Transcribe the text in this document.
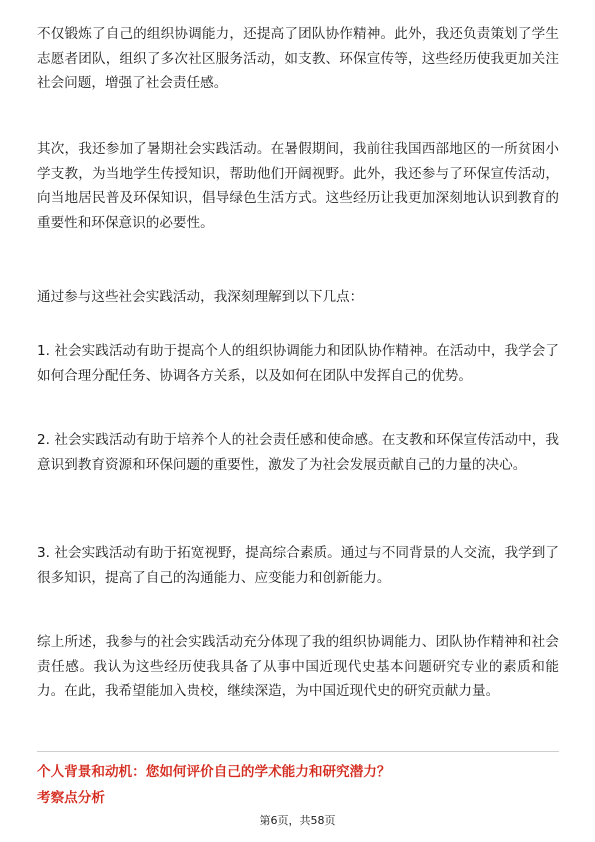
不仅锻炼了自己的组织协调能力，还提高了团队协作精神。此外，我还负责策划了学生志愿者团队，组织了多次社区服务活动，如支教、环保宣传等，这些经历使我更加关注社会问题，增强了社会责任感。

其次，我还参加了暑期社会实践活动。在暑假期间，我前往我国西部地区的一所贫困小学支教，为当地学生传授知识，帮助他们开阔视野。此外，我还参与了环保宣传活动，向当地居民普及环保知识，倡导绿色生活方式。这些经历让我更加深刻地认识到教育的重要性和环保意识的必要性。

通过参与这些社会实践活动，我深刻理解到以下几点：

1. 社会实践活动有助于提高个人的组织协调能力和团队协作精神。在活动中，我学会了如何合理分配任务、协调各方关系，以及如何在团队中发挥自己的优势。

2. 社会实践活动有助于培养个人的社会责任感和使命感。在支教和环保宣传活动中，我意识到教育资源和环保问题的重要性，激发了为社会发展贡献自己的力量的决心。

3. 社会实践活动有助于拓宽视野，提高综合素质。通过与不同背景的人交流，我学到了很多知识，提高了自己的沟通能力、应变能力和创新能力。

综上所述，我参与的社会实践活动充分体现了我的组织协调能力、团队协作精神和社会责任感。我认为这些经历使我具备了从事中国近现代史基本问题研究专业的素质和能力。在此，我希望能加入贵校，继续深造，为中国近现代史的研究贡献力量。

个人背景和动机：您如何评价自己的学术能力和研究潜力？

考察点分析

第6页，共58页
